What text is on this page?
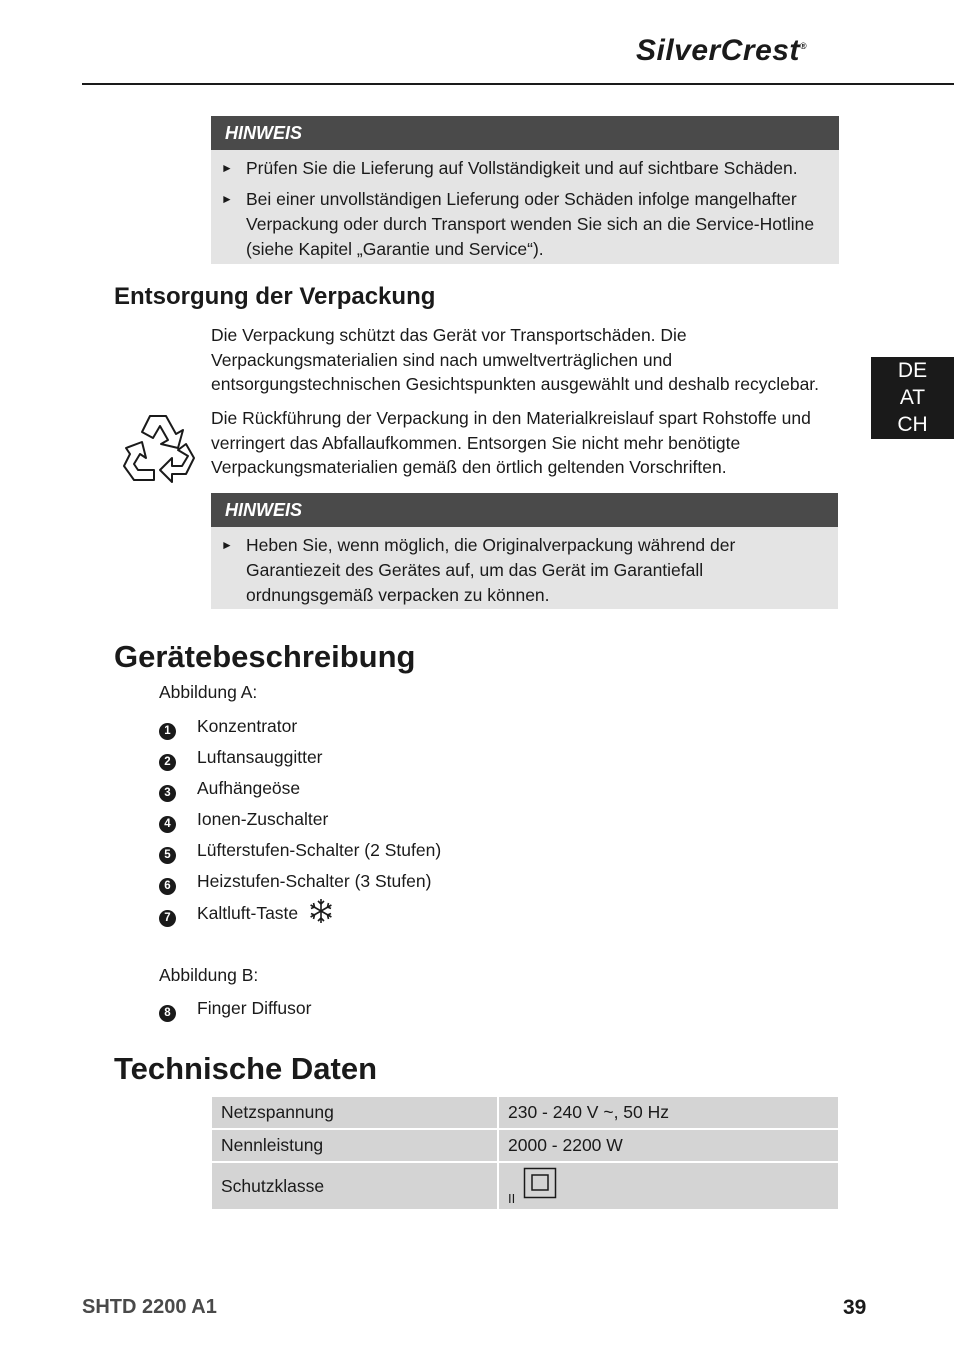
SilverCrest®
DE
AT
CH
HINWEIS
► Prüfen Sie die Lieferung auf Vollständigkeit und auf sichtbare Schäden.
► Bei einer unvollständigen Lieferung oder Schäden infolge mangelhafter Verpackung oder durch Transport wenden Sie sich an die Service-Hotline (siehe Kapitel „Garantie und Service“).
Entsorgung der Verpackung
Die Verpackung schützt das Gerät vor Transportschäden. Die Verpackungsmaterialien sind nach umweltverträglichen und entsorgungstechnischen Gesichtspunkten ausgewählt und deshalb recyclebar.
Die Rückführung der Verpackung in den Materialkreislauf spart Rohstoffe und verringert das Abfallaufkommen. Entsorgen Sie nicht mehr benötigte Verpackungsmaterialien gemäß den örtlich geltenden Vorschriften.
HINWEIS
► Heben Sie, wenn möglich, die Originalverpackung während der Garantiezeit des Gerätes auf, um das Gerät im Garantiefall ordnungsgemäß verpacken zu können.
Gerätebeschreibung
Abbildung A:
1 Konzentrator
2 Luftansauggitter
3 Aufhängeöse
4 Ionen-Zuschalter
5 Lüfterstufen-Schalter (2 Stufen)
6 Heizstufen-Schalter (3 Stufen)
7 Kaltluft-Taste
Abbildung B:
8 Finger Diffusor
Technische Daten
Netzspannung	230 - 240 V ~, 50 Hz
Nennleistung	2000 - 2200 W
Schutzklasse	$_{II}$
SHTD 2200 A1	39
